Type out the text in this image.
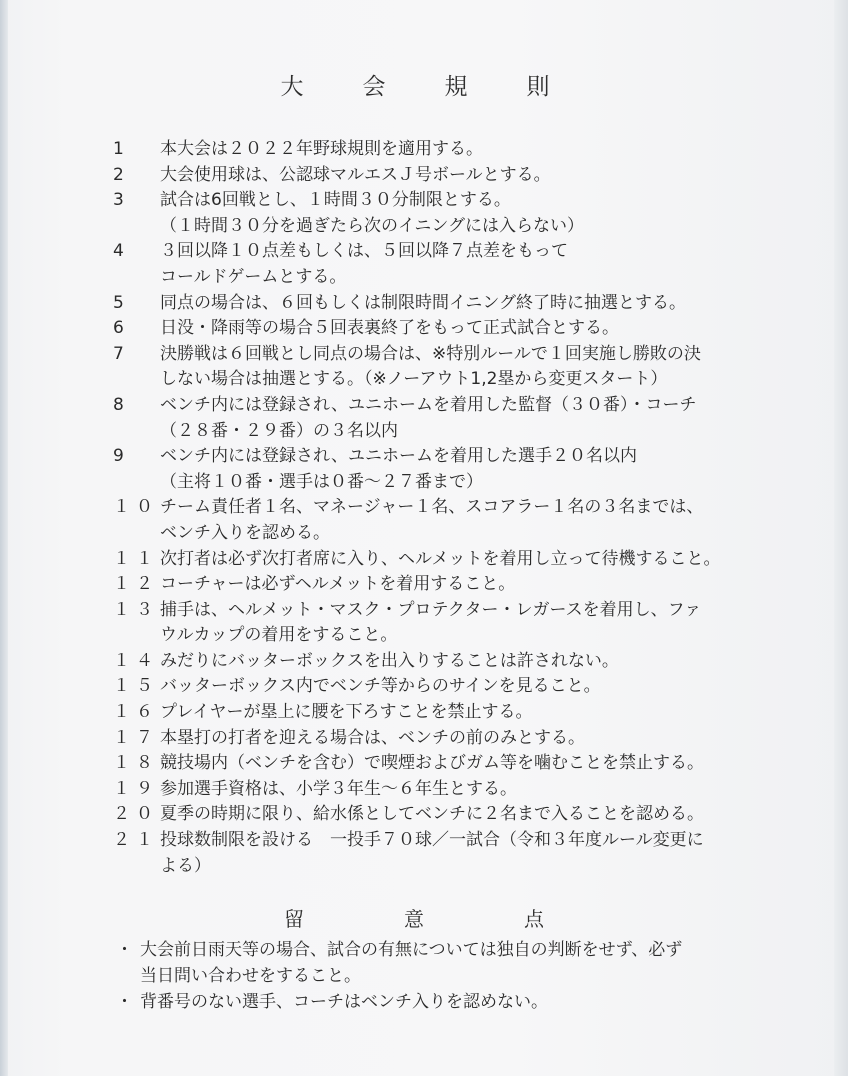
大　会　規　則
1	本大会は２０２２年野球規則を適用する。
2	大会使用球は、公認球マルエスＪ号ボールとする。
3	試合は6回戦とし、１時間３０分制限とする。
（１時間３０分を過ぎたら次のイニングには入らない）
4	３回以降１０点差もしくは、５回以降７点差をもって
コールドゲームとする。
5	同点の場合は、６回もしくは制限時間イニング終了時に抽選とする。
6	日没・降雨等の場合５回表裏終了をもって正式試合とする。
7	決勝戦は６回戦とし同点の場合は、※特別ルールで１回実施し勝敗の決
しない場合は抽選とする。（※ノーアウト1,2塁から変更スタート）
8	ベンチ内には登録され、ユニホームを着用した監督（３０番）・コーチ
（２８番・２９番）の３名以内
9	ベンチ内には登録され、ユニホームを着用した選手２０名以内
（主将１０番・選手は０番～２７番まで）
１０ チーム責任者１名、マネージャー１名、スコアラー１名の３名までは、
ベンチ入りを認める。
１１ 次打者は必ず次打者席に入り、ヘルメットを着用し立って待機すること。
１２ コーチャーは必ずヘルメットを着用すること。
１３ 捕手は、ヘルメット・マスク・プロテクター・レガースを着用し、ファ
ウルカップの着用をすること。
１４ みだりにバッターボックスを出入りすることは許されない。
１５ バッターボックス内でベンチ等からのサインを見ること。
１６ プレイヤーが塁上に腰を下ろすことを禁止する。
１７ 本塁打の打者を迎える場合は、ベンチの前のみとする。
１８ 競技場内（ベンチを含む）で喫煙およびガム等を噛むことを禁止する。
１９ 参加選手資格は、小学３年生～６年生とする。
２０ 夏季の時期に限り、給水係としてベンチに２名まで入ることを認める。
２１ 投球数制限を設ける　一投手７０球／一試合（令和３年度ルール変更に
よる）
留　意　点
・ 大会前日雨天等の場合、試合の有無については独自の判断をせず、必ず
当日問い合わせをすること。
・ 背番号のない選手、コーチはベンチ入りを認めない。
